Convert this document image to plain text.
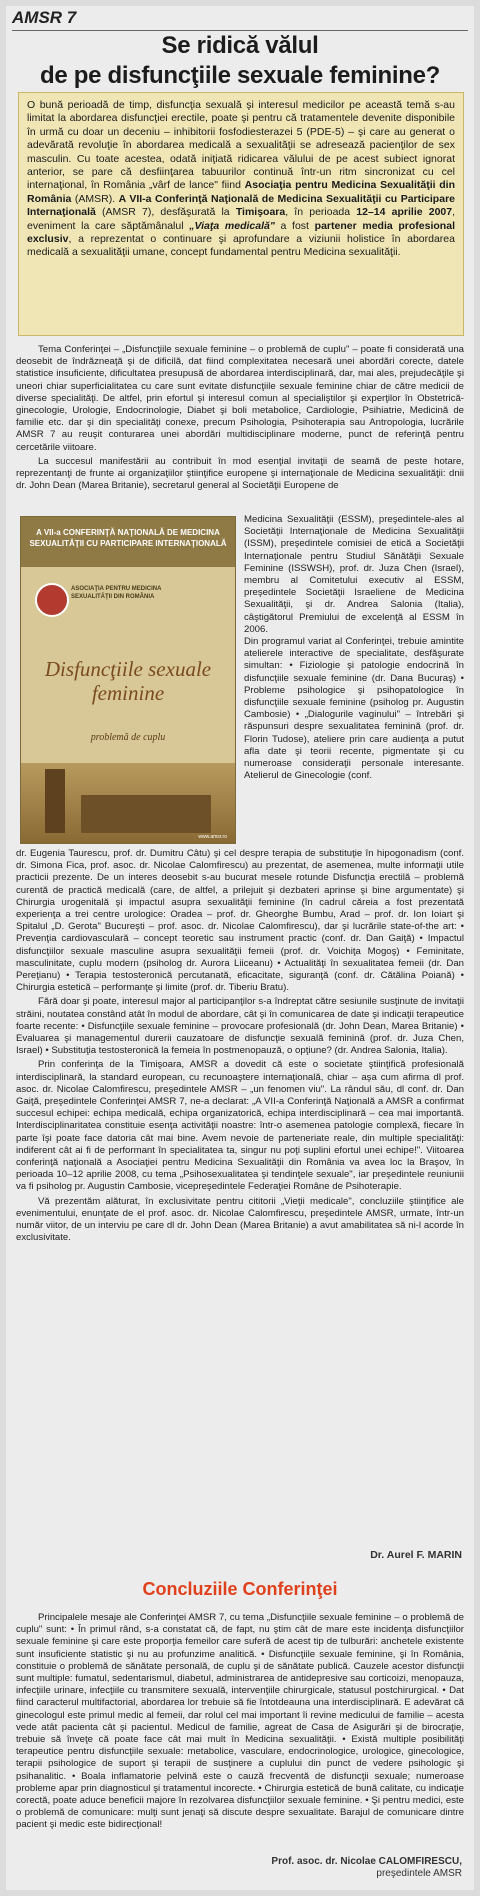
AMSR 7
Se ridică vălul
de pe disfuncţiile sexuale feminine?
O bună perioadă de timp, disfuncţia sexuală şi interesul medicilor pe această temă s-au limitat la abordarea disfuncţiei erectile, poate şi pentru că tratamentele devenite disponibile în urmă cu doar un deceniu – inhibitorii fosfodiesterazei 5 (PDE-5) – şi care au generat o adevărată revoluţie în abordarea medicală a sexualităţii se adresează pacienţilor de sex masculin. Cu toate acestea, odată iniţiată ridicarea vălului de pe acest subiect ignorat anterior, se pare că desfiinţarea tabuurilor continuă într-un ritm sincronizat cu cel internaţional, în România „vârf de lance" fiind Asociaţia pentru Medicina Sexualităţii din România (AMSR). A VII-a Conferinţă Naţională de Medicina Sexualităţii cu Participare Internaţională (AMSR 7), desfăşurată la Timişoara, în perioada 12–14 aprilie 2007, eveniment la care săptămânalul „Viaţa medicală" a fost partener media profesional exclusiv, a reprezentat o continuare şi aprofundare a viziunii holistice în abordarea medicală a sexualităţii umane, concept fundamental pentru Medicina sexualităţii.

Tema Conferinţei – „Disfuncţiile sexuale feminine – o problemă de cuplu" – poate fi considerată una deosebit de îndrăzneaţă şi de dificilă, dat fiind complexitatea necesară unei abordări corecte, datele statistice insuficiente, dificultatea presupusă de abordarea interdisciplinară, dar, mai ales, prejudecăţile şi uneori chiar superficialitatea cu care sunt evitate disfuncţiile sexuale feminine chiar de către medicii de diverse specialităţi. De altfel, prin efortul şi interesul comun al specialiştilor şi experţilor în Obstetrică-ginecologie, Urologie, Endocrinologie, Diabet şi boli metabolice, Cardiologie, Psihiatrie, Medicină de familie etc. dar şi din specialităţi conexe, precum Psihologia, Psihoterapia sau Antropologia, lucrările AMSR 7 au reuşit conturarea unei abordări multidisciplinare moderne, punct de referinţă pentru cercetările viitoare.

La succesul manifestării au contribuit în mod esenţial invitaţii de seamă de peste hotare, reprezentanţi de frunte ai organizaţiilor ştiinţifice europene şi internaţionale de Medicina sexualităţii: dnii dr. John Dean (Marea Britanie), secretarul general al Societăţii Europene de

A VII-a CONFERINŢĂ NAŢIONALĂ DE MEDICINA SEXUALITĂŢII CU PARTICIPARE INTERNAŢIONALĂ
ASOCIAŢIA PENTRU MEDICINA SEXUALITĂŢII DIN ROMÂNIA
Disfuncţiile sexuale feminine
problemă de cuplu
www.amsr.ro
Medicina Sexualităţii (ESSM), preşedintele-ales al Societăţii Internaţionale de Medicina Sexualităţii (ISSM), preşedintele comisiei de etică a Societăţii Internaţionale pentru Studiul Sănătăţii Sexuale Feminine (ISSWSH), prof. dr. Juza Chen (Israel), membru al Comitetului executiv al ESSM, preşedintele Societăţii Israeliene de Medicina Sexualităţii, şi dr. Andrea Salonia (Italia), câştigătorul Premiului de excelenţă al ESSM în 2006.
Din programul variat al Conferinţei, trebuie amintite atelierele interactive de specialitate, desfăşurate simultan: • Fiziologie şi patologie endocrină în disfuncţiile sexuale feminine (dr. Dana Bucuraş) • Probleme psihologice şi psihopatologice în disfuncţiile sexuale feminine (psiholog pr. Augustin Cambosie) • „Dialogurile vaginului" – întrebări şi răspunsuri despre sexualitatea feminină (prof. dr. Florin Tudose), ateliere prin care audienţa a putut afla date şi teorii recente, pigmentate şi cu numeroase consideraţii personale interesante. Atelierul de Ginecologie (conf.

dr. Eugenia Taurescu, prof. dr. Dumitru Câtu) şi cel despre terapia de substituţie în hipogonadism (conf. dr. Simona Fica, prof. asoc. dr. Nicolae Calomfirescu) au prezentat, de asemenea, multe informaţii utile practicii prezente. De un interes deosebit s-au bucurat mesele rotunde Disfuncţia erectilă – problemă curentă de practică medicală (care, de altfel, a prilejuit şi dezbateri aprinse şi bine argumentate) şi Chirurgia urogenitală şi impactul asupra sexualităţii feminine (în cadrul căreia a fost prezentată experienţa a trei centre urologice: Oradea – prof. dr. Gheorghe Bumbu, Arad – prof. dr. Ion Ioiart şi Spitalul „D. Gerota" Bucureşti – prof. asoc. dr. Nicolae Calomfirescu), dar şi lucrările state-of-the art: • Prevenţia cardiovasculară – concept teoretic sau instrument practic (conf. dr. Dan Gaiţă) • Impactul disfuncţiilor sexuale masculine asupra sexualităţii femeii (prof. dr. Voichiţa Mogoş) • Feminitate, masculinitate, cuplu modern (psiholog dr. Aurora Liiceanu) • Actualităţi în sexualitatea femeii (dr. Dan Pereţianu) • Terapia testosteronică percutanată, eficacitate, siguranţă (conf. dr. Cătălina Poiană) • Chirurgia estetică – performanţe şi limite (prof. dr. Tiberiu Bratu).

Fără doar şi poate, interesul major al participanţilor s-a îndreptat către sesiunile susţinute de invitaţii străini, noutatea constând atât în modul de abordare, cât şi în comunicarea de date şi indicaţii terapeutice foarte recente: • Disfuncţiile sexuale feminine – provocare profesională (dr. John Dean, Marea Britanie) • Evaluarea şi managementul durerii cauzatoare de disfuncţie sexuală feminină (prof. dr. Juza Chen, Israel) • Substituţia testosteronică la femeia în postmenopauză, o opţiune? (dr. Andrea Salonia, Italia).

Prin conferinţa de la Timişoara, AMSR a dovedit că este o societate ştiinţifică profesională interdisciplinară, la standard european, cu recunoaştere internaţională, chiar – aşa cum afirma dl prof. asoc. dr. Nicolae Calomfirescu, preşedintele AMSR – „un fenomen viu". La rândul său, dl conf. dr. Dan Gaiţă, preşedintele Conferinţei AMSR 7, ne-a declarat: „A VII-a Conferinţă Naţională a AMSR a confirmat succesul echipei: echipa medicală, echipa organizatorică, echipa interdisciplinară – cea mai importantă. Interdisciplinaritatea constituie esenţa activităţii noastre: într-o asemenea patologie complexă, fiecare în parte îşi poate face datoria cât mai bine. Avem nevoie de parteneriate reale, din multiple specialităţi: indiferent cât ai fi de performant în specialitatea ta, singur nu poţi suplini efortul unei echipe!". Viitoarea conferinţă naţională a Asociaţiei pentru Medicina Sexualităţii din România va avea loc la Braşov, în perioada 10–12 aprilie 2008, cu tema „Psihosexualitatea şi tendinţele sexuale", iar preşedintele reuniunii va fi psiholog pr. Augustin Cambosie, vicepreşedintele Federaţiei Române de Psihoterapie.

Vă prezentăm alăturat, în exclusivitate pentru cititorii „Vieţii medicale", concluziile ştiinţifice ale evenimentului, enunţate de el prof. asoc. dr. Nicolae Calomfirescu, preşedintele AMSR, urmate, într-un număr viitor, de un interviu pe care dl dr. John Dean (Marea Britanie) a avut amabilitatea să ni-l acorde în exclusivitate.

Dr. Aurel F. MARIN
Concluziile Conferinţei

Principalele mesaje ale Conferinţei AMSR 7, cu tema „Disfuncţiile sexuale feminine – o problemă de cuplu" sunt: • În primul rând, s-a constatat că, de fapt, nu ştim cât de mare este incidenţa disfuncţiilor sexuale feminine şi care este proporţia femeilor care suferă de acest tip de tulburări: anchetele existente sunt insuficiente statistic şi nu au profunzime analitică. • Disfuncţiile sexuale feminine, şi în România, constituie o problemă de sănătate personală, de cuplu şi de sănătate publică. Cauzele acestor disfuncţii sunt multiple: fumatul, sedentarismul, diabetul, administrarea de antidepresive sau corticoizi, menopauza, infecţiile urinare, infecţiile cu transmitere sexuală, intervenţiile chirurgicale, statusul postchirurgical. • Dat fiind caracterul multifactorial, abordarea lor trebuie să fie întotdeauna una interdisciplinară. E adevărat că ginecologul este primul medic al femeii, dar rolul cel mai important îi revine medicului de familie – acesta vede atât pacienta cât şi pacientul. Medicul de familie, agreat de Casa de Asigurări şi de birocraţie, trebuie să înveţe că poate face cât mai mult în Medicina sexualităţii. • Există multiple posibilităţi terapeutice pentru disfuncţiile sexuale: metabolice, vasculare, endocrinologice, urologice, ginecologice, terapii psihologice de suport şi terapii de susţinere a cuplului din punct de vedere psihologic şi psihanalitic. • Boala inflamatorie pelvină este o cauză frecventă de disfuncţii sexuale; numeroase probleme apar prin diagnosticul şi tratamentul incorecte. • Chirurgia estetică de bună calitate, cu indicaţie corectă, poate aduce beneficii majore în rezolvarea disfuncţiilor sexuale feminine. • Şi pentru medici, este o problemă de comunicare: mulţi sunt jenaţi să discute despre sexualitate. Barajul de comunicare dintre pacient şi medic este bidirecţional!

Prof. asoc. dr. Nicolae CALOMFIRESCU,
preşedintele AMSR
